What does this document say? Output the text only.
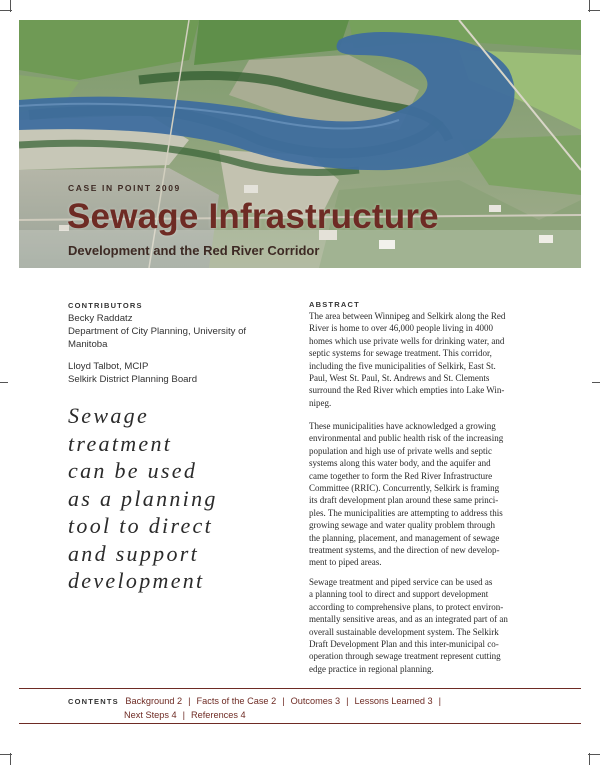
CASE IN POINT 2009
Sewage Infrastructure
Development and the Red River Corridor
CONTRIBUTORS
Becky Raddatz
Department of City Planning, University of
Manitoba
Lloyd Talbot, MCIP
Selkirk District Planning Board
Sewage
treatment
can be used
as a planning
tool to direct
and support
development
ABSTRACT
The area between Winnipeg and Selkirk along the Red
River is home to over 46,000 people living in 4000
homes which use private wells for drinking water, and
septic systems for sewage treatment. This corridor,
including the five municipalities of Selkirk, East St.
Paul, West St. Paul, St. Andrews and St. Clements
surround the Red River which empties into Lake Win-
nipeg.
These municipalities have acknowledged a growing
environmental and public health risk of the increasing
population and high use of private wells and septic
systems along this water body, and the aquifer and
came together to form the Red River Infrastructure
Committee (RRIC). Concurrently, Selkirk is framing
its draft development plan around these same princi-
ples. The municipalities are attempting to address this
growing sewage and water quality problem through
the planning, placement, and management of sewage
treatment systems, and the direction of new develop-
ment to piped areas.
Sewage treatment and piped service can be used as
a planning tool to direct and support development
according to comprehensive plans, to protect environ-
mentally sensitive areas, and as an integrated part of an
overall sustainable development system. The Selkirk
Draft Development Plan and this inter-municipal co-
operation through sewage treatment represent cutting
edge practice in regional planning.
CONTENTS Background 2 | Facts of the Case 2 | Outcomes 3 | Lessons Learned 3 |
Next Steps 4 | References 4
